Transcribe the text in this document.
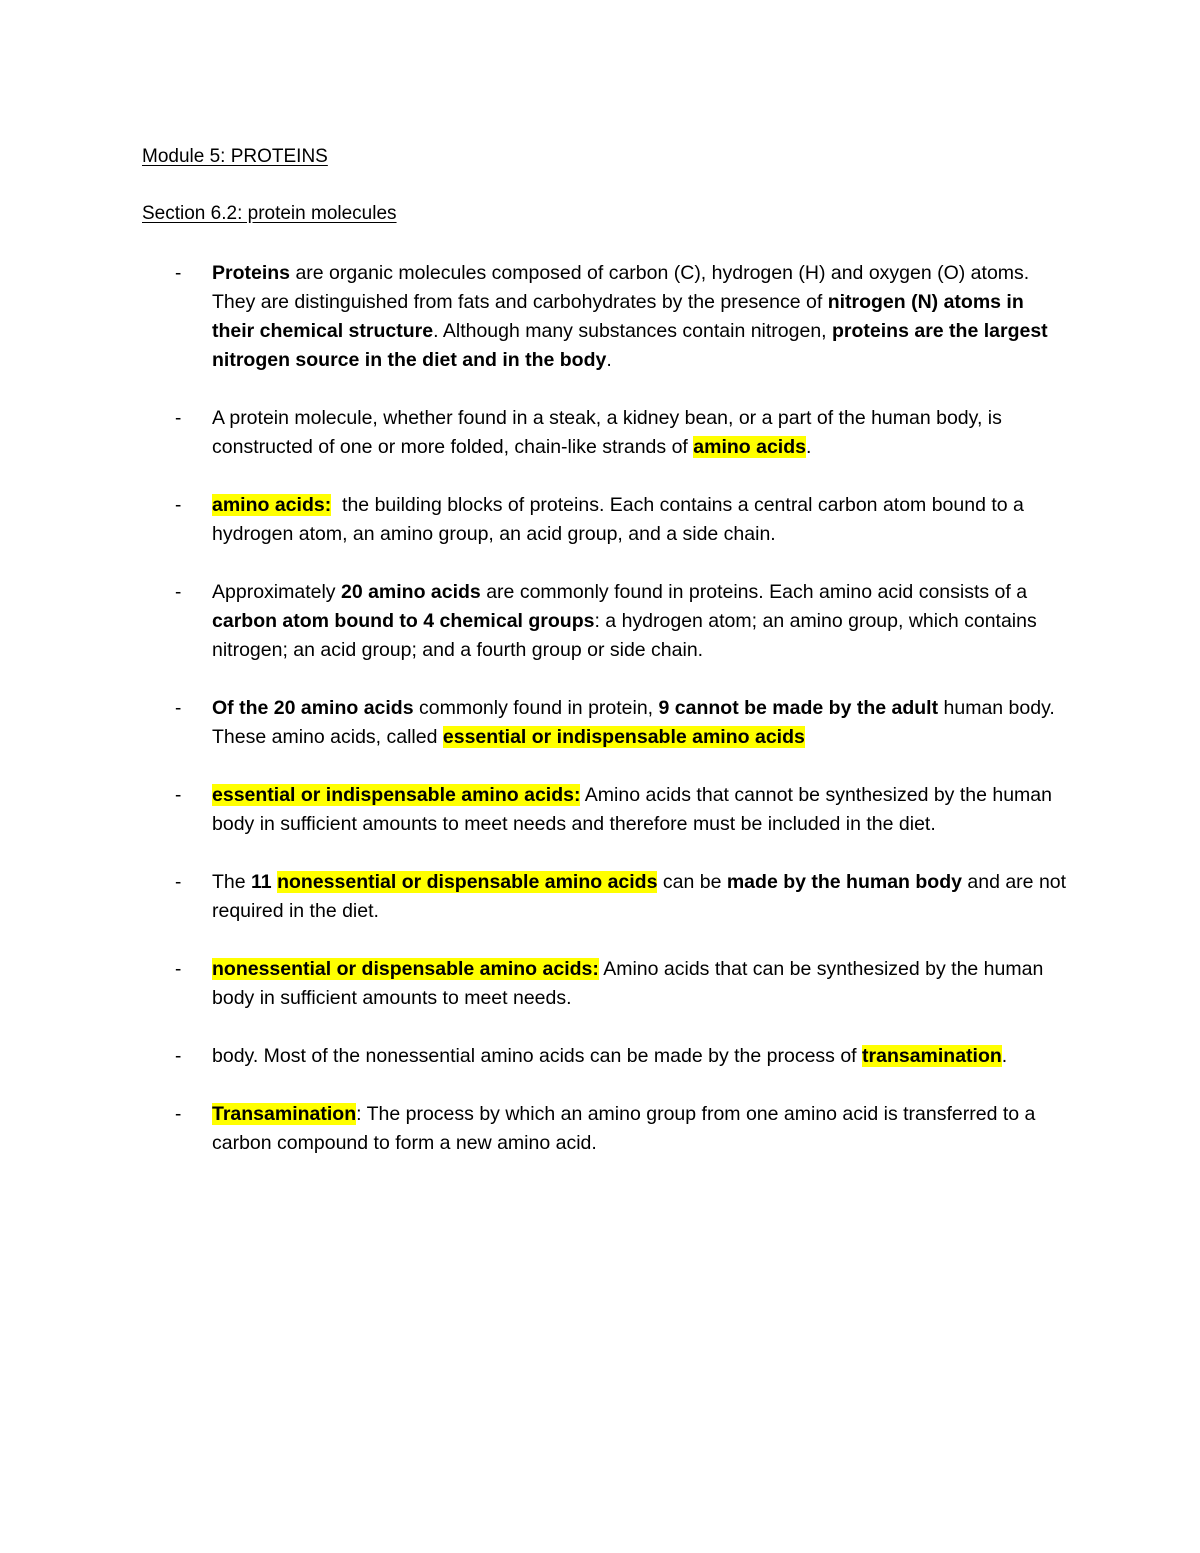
Module 5: PROTEINS
Section 6.2: protein molecules
- Proteins are organic molecules composed of carbon (C), hydrogen (H) and oxygen (O) atoms. They are distinguished from fats and carbohydrates by the presence of nitrogen (N) atoms in their chemical structure. Although many substances contain nitrogen, proteins are the largest nitrogen source in the diet and in the body.
- A protein molecule, whether found in a steak, a kidney bean, or a part of the human body, is constructed of one or more folded, chain-like strands of amino acids.
- amino acids:  the building blocks of proteins. Each contains a central carbon atom bound to a hydrogen atom, an amino group, an acid group, and a side chain.
- Approximately 20 amino acids are commonly found in proteins. Each amino acid consists of a carbon atom bound to 4 chemical groups: a hydrogen atom; an amino group, which contains nitrogen; an acid group; and a fourth group or side chain.
- Of the 20 amino acids commonly found in protein, 9 cannot be made by the adult human body. These amino acids, called essential or indispensable amino acids
- essential or indispensable amino acids: Amino acids that cannot be synthesized by the human body in sufficient amounts to meet needs and therefore must be included in the diet.
- The 11 nonessential or dispensable amino acids can be made by the human body and are not required in the diet.
- nonessential or dispensable amino acids: Amino acids that can be synthesized by the human body in sufficient amounts to meet needs.
- body. Most of the nonessential amino acids can be made by the process of transamination.
- Transamination: The process by which an amino group from one amino acid is transferred to a carbon compound to form a new amino acid.
